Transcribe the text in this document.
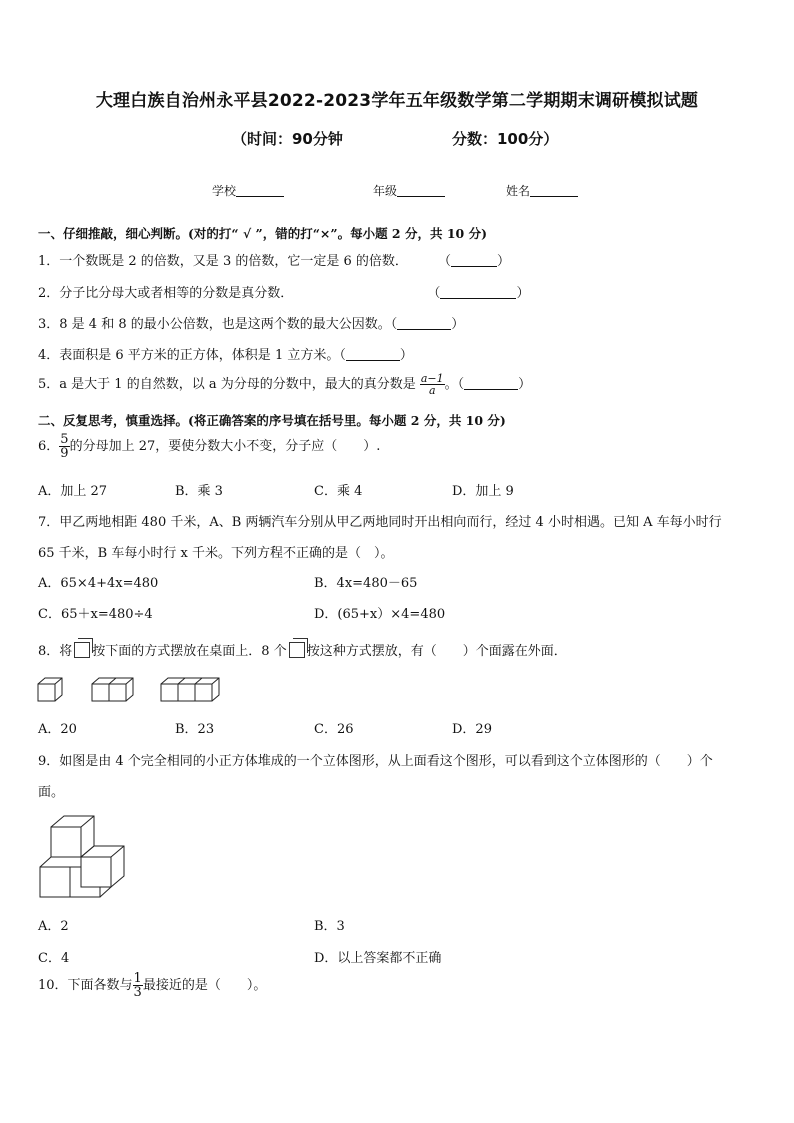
大理白族自治州永平县2022-2023学年五年级数学第二学期期末调研模拟试题
（时间：90分钟	分数：100分）
学校	年级	姓名
一、仔细推敲，细心判断。(对的打“ √ ”，错的打“×”。每小题 2 分，共 10 分)
1．一个数既是 2 的倍数，又是 3 的倍数，它一定是 6 的倍数． （	）
2．分子比分母大或者相等的分数是真分数．	（	）
3．8 是 4 和 8 的最小公倍数，也是这两个数的最大公因数。（	）
4．表面积是 6 平方米的正方体，体积是 1 立方米。（	）
5．a 是大于 1 的自然数，以 a 为分母的分数中，最大的真分数是 $\frac{a-1}{a}$ 。（	）
二、反复思考，慎重选择。(将正确答案的序号填在括号里。每小题 2 分，共 10 分)
6． $\frac{5}{9}$ 的分母加上 27，要使分数大小不变，分子应（　　）.
A．加上 27	B．乘 3	C．乘 4	D．加上 9
7．甲乙两地相距 480 千米，A、B 两辆汽车分别从甲乙两地同时开出相向而行，经过 4 小时相遇。已知 A 车每小时行
65 千米，B 车每小时行 x 千米。下列方程不正确的是（　）。
A．65×4+4x=480	B．4x=480－65
C．65＋x=480÷4	D．(65+x）×4=480
8．将 按下面的方式摆放在桌面上．8 个 按这种方式摆放，有（　　）个面露在外面．
A．20	B．23	C．26	D．29
9．如图是由 4 个完全相同的小正方体堆成的一个立体图形，从上面看这个图形，可以看到这个立体图形的（　　）个
面。
A．2	B．3
C．4	D．以上答案都不正确
10．下面各数与 $\frac{1}{3}$ 最接近的是（　　）。
